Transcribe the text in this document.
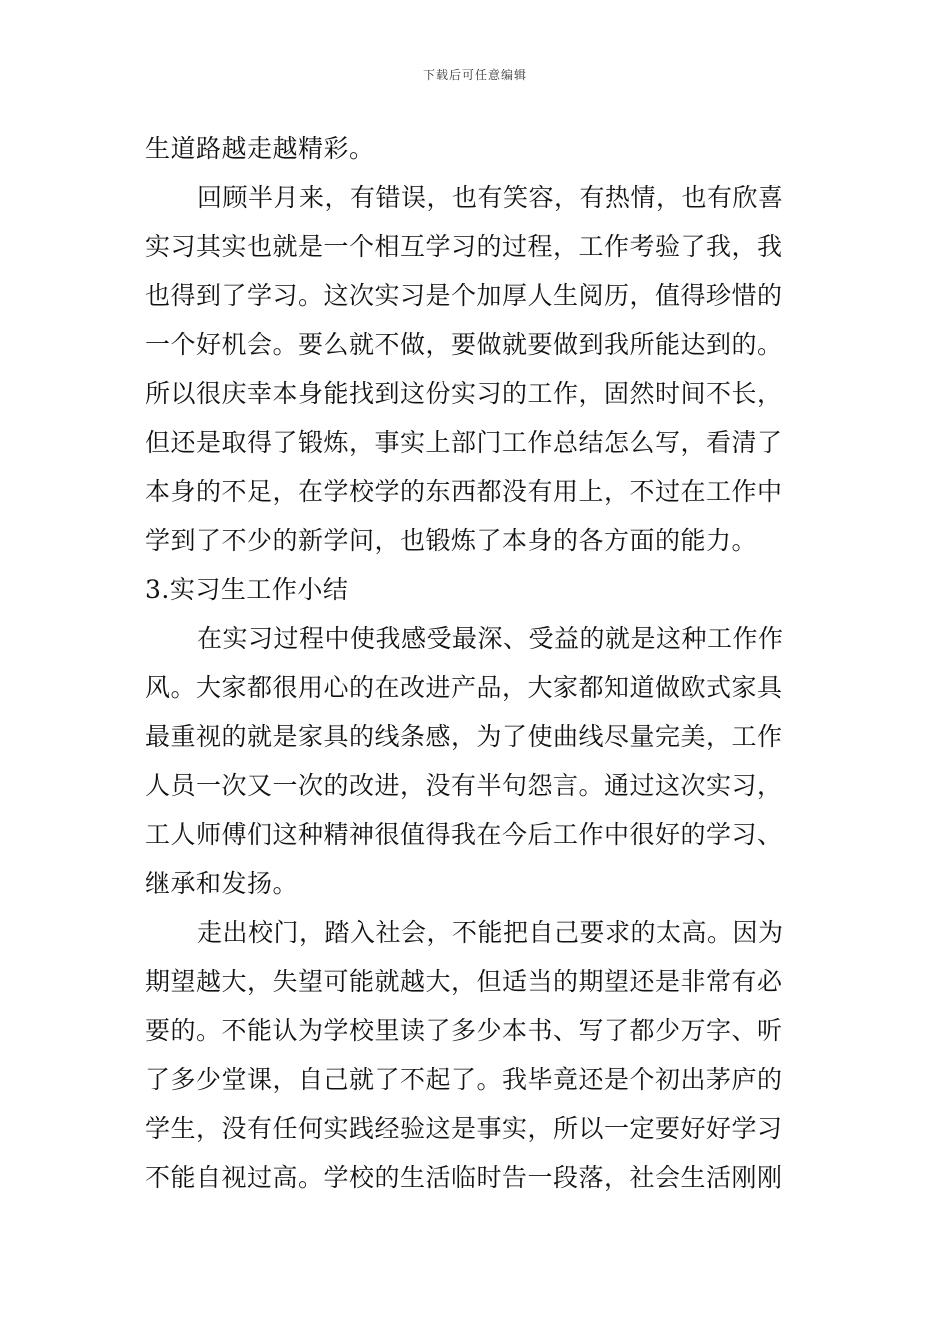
下载后可任意编辑
生道路越走越精彩。
回顾半月来，有错误，也有笑容，有热情，也有欣喜
实习其实也就是一个相互学习的过程，工作考验了我，我
也得到了学习。这次实习是个加厚人生阅历，值得珍惜的
一个好机会。要么就不做，要做就要做到我所能达到的。
所以很庆幸本身能找到这份实习的工作，固然时间不长，
但还是取得了锻炼，事实上部门工作总结怎么写，看清了
本身的不足，在学校学的东西都没有用上，不过在工作中
学到了不少的新学问，也锻炼了本身的各方面的能力。
3.实习生工作小结
在实习过程中使我感受最深、受益的就是这种工作作
风。大家都很用心的在改进产品，大家都知道做欧式家具
最重视的就是家具的线条感，为了使曲线尽量完美，工作
人员一次又一次的改进，没有半句怨言。通过这次实习，
工人师傅们这种精神很值得我在今后工作中很好的学习、
继承和发扬。
走出校门，踏入社会，不能把自己要求的太高。因为
期望越大，失望可能就越大，但适当的期望还是非常有必
要的。不能认为学校里读了多少本书、写了都少万字、听
了多少堂课，自己就了不起了。我毕竟还是个初出茅庐的
学生，没有任何实践经验这是事实，所以一定要好好学习
不能自视过高。学校的生活临时告一段落，社会生活刚刚
